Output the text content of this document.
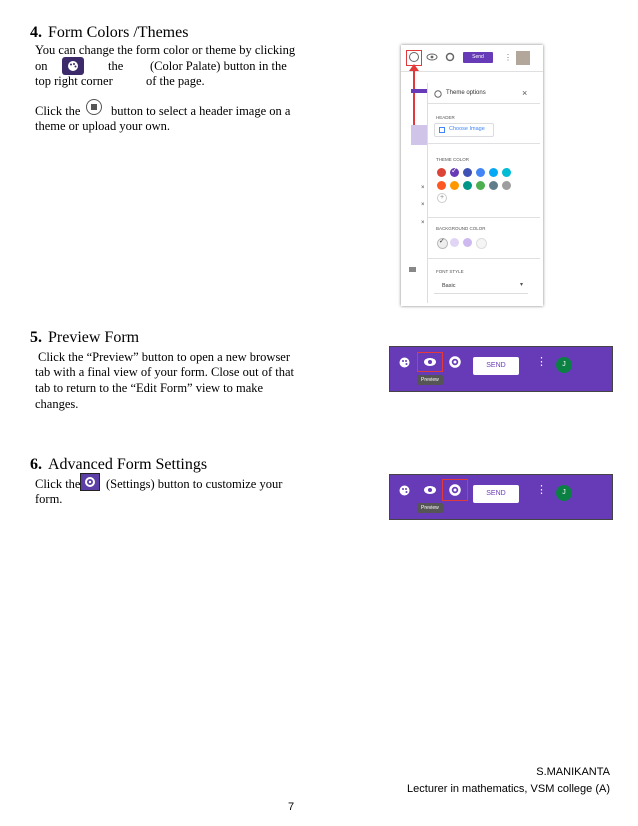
4. Form Colors /Themes
You can change the form color or theme by clicking
on	the (Color Palate) button in the
top right corner	of the page.
Click the button to select a header image on a
theme or upload your own.
Send	⋮
×
×
×
Theme options	×
HEADER
Choose Image
THEME COLOR
✓
+
BACKGROUND COLOR
✓
FONT STYLE
Basic	▾
5. Preview Form
Click the “Preview” button to open a new browser
tab with a final view of your form. Close out of that
tab to return to the “Edit Form” view to make
changes.
Preview
SEND	⋮	J
6. Advanced Form Settings
Click the (Settings) button to customize your
form.
Preview
SEND	⋮	J
S.MANIKANTA
Lecturer in mathematics, VSM college (A)
7
